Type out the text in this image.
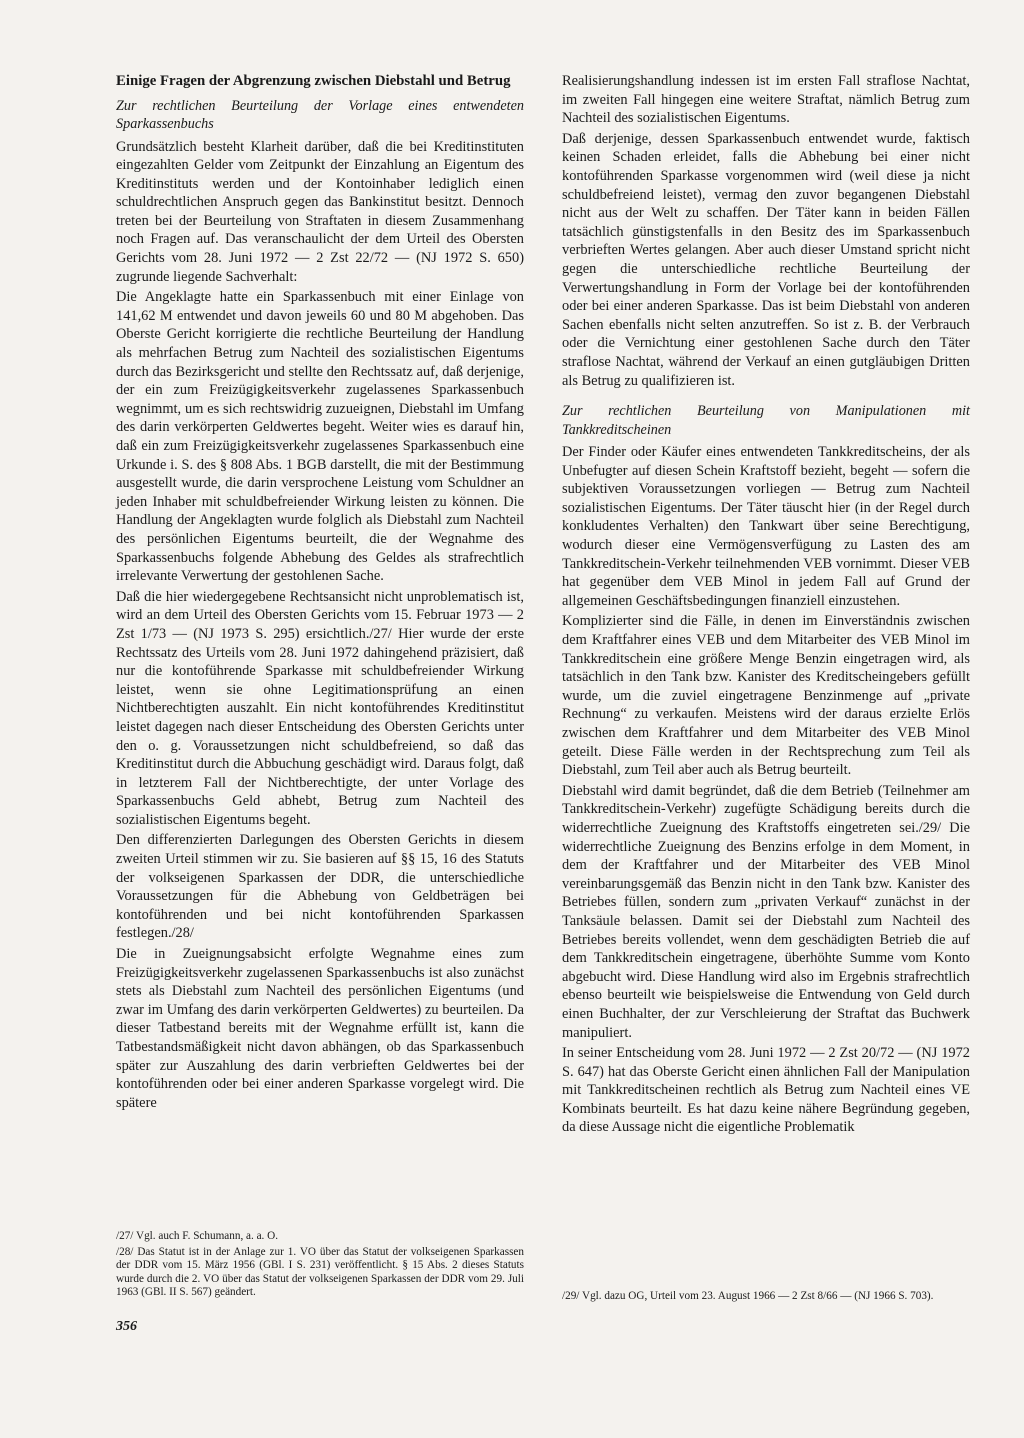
Einige Fragen der Abgrenzung zwischen Diebstahl und Betrug
Zur rechtlichen Beurteilung der Vorlage eines entwendeten Sparkassenbuchs

Grundsätzlich besteht Klarheit darüber, daß die bei Kreditinstituten eingezahlten Gelder vom Zeitpunkt der Einzahlung an Eigentum des Kreditinstituts werden und der Kontoinhaber lediglich einen schuldrechtlichen Anspruch gegen das Bankinstitut besitzt. Dennoch treten bei der Beurteilung von Straftaten in diesem Zusammenhang noch Fragen auf. Das veranschaulicht der dem Urteil des Obersten Gerichts vom 28. Juni 1972 — 2 Zst 22/72 — (NJ 1972 S. 650) zugrunde liegende Sachverhalt:

Die Angeklagte hatte ein Sparkassenbuch mit einer Einlage von 141,62 M entwendet und davon jeweils 60 und 80 M abgehoben. Das Oberste Gericht korrigierte die rechtliche Beurteilung der Handlung als mehrfachen Betrug zum Nachteil des sozialistischen Eigentums durch das Bezirksgericht und stellte den Rechtssatz auf, daß derjenige, der ein zum Freizügigkeitsverkehr zugelassenes Sparkassenbuch wegnimmt, um es sich rechtswidrig zuzueignen, Diebstahl im Umfang des darin verkörperten Geldwertes begeht. Weiter wies es darauf hin, daß ein zum Freizügigkeitsverkehr zugelassenes Sparkassenbuch eine Urkunde i. S. des § 808 Abs. 1 BGB darstellt, die mit der Bestimmung ausgestellt wurde, die darin versprochene Leistung vom Schuldner an jeden Inhaber mit schuldbefreiender Wirkung leisten zu können. Die Handlung der Angeklagten wurde folglich als Diebstahl zum Nachteil des persönlichen Eigentums beurteilt, die der Wegnahme des Sparkassenbuchs folgende Abhebung des Geldes als strafrechtlich irrelevante Verwertung der gestohlenen Sache.

Daß die hier wiedergegebene Rechtsansicht nicht unproblematisch ist, wird an dem Urteil des Obersten Gerichts vom 15. Februar 1973 — 2 Zst 1/73 — (NJ 1973 S. 295) ersichtlich./27/ Hier wurde der erste Rechtssatz des Urteils vom 28. Juni 1972 dahingehend präzisiert, daß nur die kontoführende Sparkasse mit schuldbefreiender Wirkung leistet, wenn sie ohne Legitimationsprüfung an einen Nichtberechtigten auszahlt. Ein nicht kontoführendes Kreditinstitut leistet dagegen nach dieser Entscheidung des Obersten Gerichts unter den o. g. Voraussetzungen nicht schuldbefreiend, so daß das Kreditinstitut durch die Abbuchung geschädigt wird. Daraus folgt, daß in letzterem Fall der Nichtberechtigte, der unter Vorlage des Sparkassenbuchs Geld abhebt, Betrug zum Nachteil des sozialistischen Eigentums begeht.

Den differenzierten Darlegungen des Obersten Gerichts in diesem zweiten Urteil stimmen wir zu. Sie basieren auf §§ 15, 16 des Statuts der volkseigenen Sparkassen der DDR, die unterschiedliche Voraussetzungen für die Abhebung von Geldbeträgen bei kontoführenden und bei nicht kontoführenden Sparkassen festlegen./28/

Die in Zueignungsabsicht erfolgte Wegnahme eines zum Freizügigkeitsverkehr zugelassenen Sparkassenbuchs ist also zunächst stets als Diebstahl zum Nachteil des persönlichen Eigentums (und zwar im Umfang des darin verkörperten Geldwertes) zu beurteilen. Da dieser Tatbestand bereits mit der Wegnahme erfüllt ist, kann die Tatbestandsmäßigkeit nicht davon abhängen, ob das Sparkassenbuch später zur Auszahlung des darin verbrieften Geldwertes bei der kontoführenden oder bei einer anderen Sparkasse vorgelegt wird. Die spätere

/27/ Vgl. auch F. Schumann, a. a. O.

/28/ Das Statut ist in der Anlage zur 1. VO über das Statut der volkseigenen Sparkassen der DDR vom 15. März 1956 (GBl. I S. 231) veröffentlicht. § 15 Abs. 2 dieses Statuts wurde durch die 2. VO über das Statut der volkseigenen Sparkassen der DDR vom 29. Juli 1963 (GBl. II S. 567) geändert.

356

Realisierungshandlung indessen ist im ersten Fall straflose Nachtat, im zweiten Fall hingegen eine weitere Straftat, nämlich Betrug zum Nachteil des sozialistischen Eigentums.

Daß derjenige, dessen Sparkassenbuch entwendet wurde, faktisch keinen Schaden erleidet, falls die Abhebung bei einer nicht kontoführenden Sparkasse vorgenommen wird (weil diese ja nicht schuldbefreiend leistet), vermag den zuvor begangenen Diebstahl nicht aus der Welt zu schaffen. Der Täter kann in beiden Fällen tatsächlich günstigstenfalls in den Besitz des im Sparkassenbuch verbrieften Wertes gelangen. Aber auch dieser Umstand spricht nicht gegen die unterschiedliche rechtliche Beurteilung der Verwertungshandlung in Form der Vorlage bei der kontoführenden oder bei einer anderen Sparkasse. Das ist beim Diebstahl von anderen Sachen ebenfalls nicht selten anzutreffen. So ist z. B. der Verbrauch oder die Vernichtung einer gestohlenen Sache durch den Täter straflose Nachtat, während der Verkauf an einen gutgläubigen Dritten als Betrug zu qualifizieren ist.

Zur rechtlichen Beurteilung von Manipulationen mit Tankkreditscheinen

Der Finder oder Käufer eines entwendeten Tankkreditscheins, der als Unbefugter auf diesen Schein Kraftstoff bezieht, begeht — sofern die subjektiven Voraussetzungen vorliegen — Betrug zum Nachteil sozialistischen Eigentums. Der Täter täuscht hier (in der Regel durch konkludentes Verhalten) den Tankwart über seine Berechtigung, wodurch dieser eine Vermögensverfügung zu Lasten des am Tankkreditschein-Verkehr teilnehmenden VEB vornimmt. Dieser VEB hat gegenüber dem VEB Minol in jedem Fall auf Grund der allgemeinen Geschäftsbedingungen finanziell einzustehen.

Komplizierter sind die Fälle, in denen im Einverständnis zwischen dem Kraftfahrer eines VEB und dem Mitarbeiter des VEB Minol im Tankkreditschein eine größere Menge Benzin eingetragen wird, als tatsächlich in den Tank bzw. Kanister des Kreditscheingebers gefüllt wurde, um die zuviel eingetragene Benzinmenge auf „private Rechnung“ zu verkaufen. Meistens wird der daraus erzielte Erlös zwischen dem Kraftfahrer und dem Mitarbeiter des VEB Minol geteilt. Diese Fälle werden in der Rechtsprechung zum Teil als Diebstahl, zum Teil aber auch als Betrug beurteilt.

Diebstahl wird damit begründet, daß die dem Betrieb (Teilnehmer am Tankkreditschein-Verkehr) zugefügte Schädigung bereits durch die widerrechtliche Zueignung des Kraftstoffs eingetreten sei./29/ Die widerrechtliche Zueignung des Benzins erfolge in dem Moment, in dem der Kraftfahrer und der Mitarbeiter des VEB Minol vereinbarungsgemäß das Benzin nicht in den Tank bzw. Kanister des Betriebes füllen, sondern zum „privaten Verkauf“ zunächst in der Tanksäule belassen. Damit sei der Diebstahl zum Nachteil des Betriebes bereits vollendet, wenn dem geschädigten Betrieb die auf dem Tankkreditschein eingetragene, überhöhte Summe vom Konto abgebucht wird. Diese Handlung wird also im Ergebnis strafrechtlich ebenso beurteilt wie beispielsweise die Entwendung von Geld durch einen Buchhalter, der zur Verschleierung der Straftat das Buchwerk manipuliert.

In seiner Entscheidung vom 28. Juni 1972 — 2 Zst 20/72 — (NJ 1972 S. 647) hat das Oberste Gericht einen ähnlichen Fall der Manipulation mit Tankkreditscheinen rechtlich als Betrug zum Nachteil eines VE Kombinats beurteilt. Es hat dazu keine nähere Begründung gegeben, da diese Aussage nicht die eigentliche Problematik

/29/ Vgl. dazu OG, Urteil vom 23. August 1966 — 2 Zst 8/66 — (NJ 1966 S. 703).
